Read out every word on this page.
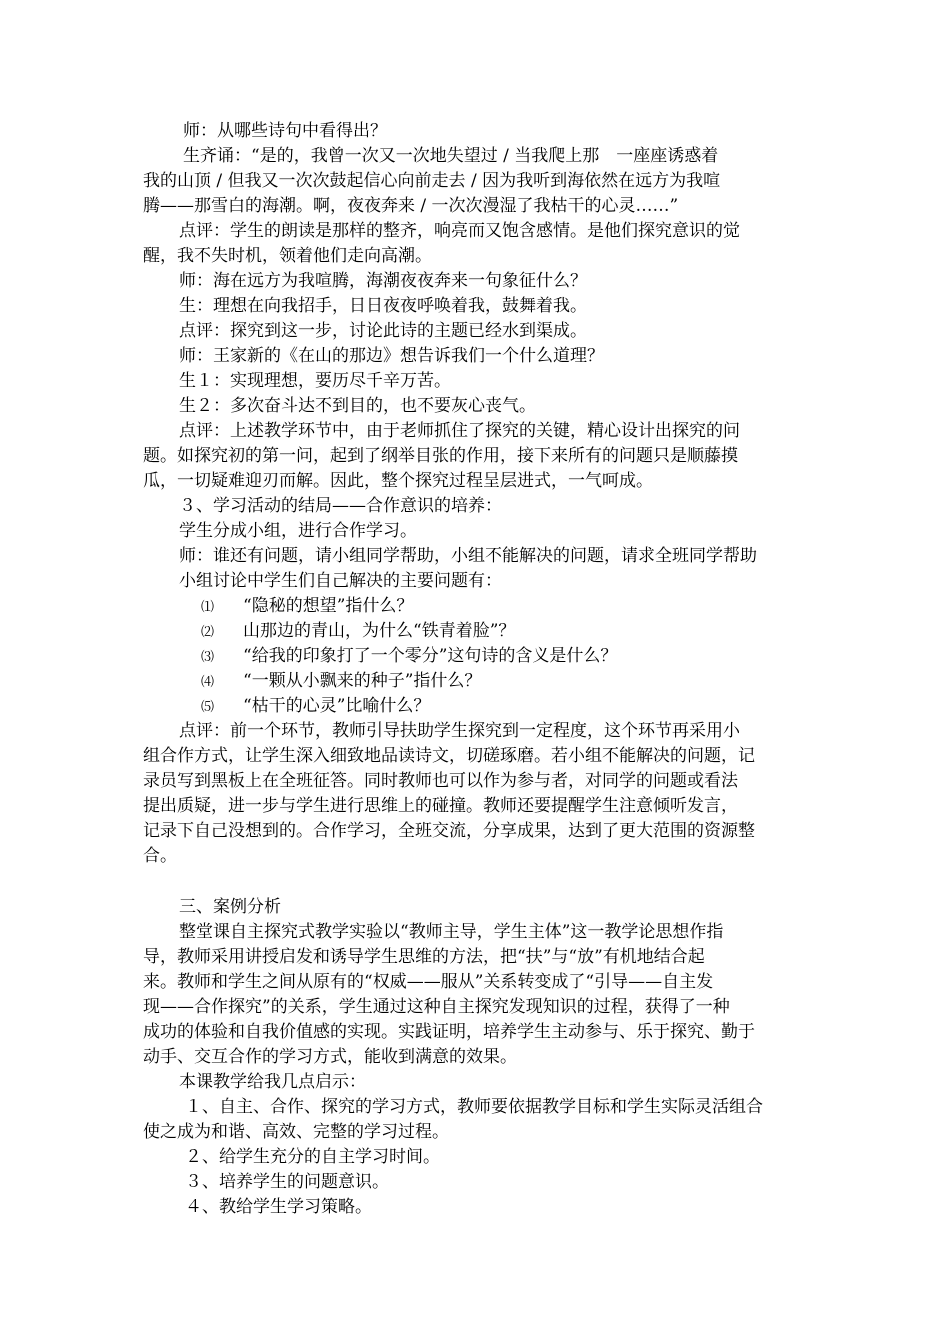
师：从哪些诗句中看得出？
生齐诵：“是的，我曾一次又一次地失望过 / 当我爬上那　一座座诱惑着
我的山顶 / 但我又一次次鼓起信心向前走去 / 因为我听到海依然在远方为我喧
腾——那雪白的海潮。啊，夜夜奔来 / 一次次漫湿了我枯干的心灵……”
点评：学生的朗读是那样的整齐，响亮而又饱含感情。是他们探究意识的觉
醒，我不失时机，领着他们走向高潮。
师：海在远方为我喧腾，海潮夜夜奔来一句象征什么？
生：理想在向我招手，日日夜夜呼唤着我，鼓舞着我。
点评：探究到这一步，讨论此诗的主题已经水到渠成。
师：王家新的《在山的那边》想告诉我们一个什么道理？
生１：实现理想，要历尽千辛万苦。
生２：多次奋斗达不到目的，也不要灰心丧气。
点评：上述教学环节中，由于老师抓住了探究的关键，精心设计出探究的问
题。如探究初的第一问，起到了纲举目张的作用，接下来所有的问题只是顺藤摸
瓜，一切疑难迎刃而解。因此，整个探究过程呈层进式，一气呵成。
３、学习活动的结局——合作意识的培养：
学生分成小组，进行合作学习。
师：谁还有问题，请小组同学帮助，小组不能解决的问题，请求全班同学帮助
小组讨论中学生们自己解决的主要问题有：
⑴ “隐秘的想望”指什么？
⑵ 山那边的青山，为什么“铁青着脸”？
⑶ “给我的印象打了一个零分”这句诗的含义是什么？
⑷ “一颗从小飘来的种子”指什么？
⑸ “枯干的心灵”比喻什么？
点评：前一个环节，教师引导扶助学生探究到一定程度，这个环节再采用小
组合作方式，让学生深入细致地品读诗文，切磋琢磨。若小组不能解决的问题，记
录员写到黑板上在全班征答。同时教师也可以作为参与者，对同学的问题或看法
提出质疑，进一步与学生进行思维上的碰撞。教师还要提醒学生注意倾听发言，
记录下自己没想到的。合作学习，全班交流，分享成果，达到了更大范围的资源整
合。
三、案例分析
整堂课自主探究式教学实验以“教师主导，学生主体”这一教学论思想作指
导，教师采用讲授启发和诱导学生思维的方法，把“扶”与“放”有机地结合起
来。教师和学生之间从原有的“权威——服从”关系转变成了“引导——自主发
现——合作探究”的关系，学生通过这种自主探究发现知识的过程，获得了一种
成功的体验和自我价值感的实现。实践证明，培养学生主动参与、乐于探究、勤于
动手、交互合作的学习方式，能收到满意的效果。
本课教学给我几点启示：
１、自主、合作、探究的学习方式，教师要依据教学目标和学生实际灵活组合
使之成为和谐、高效、完整的学习过程。
２、给学生充分的自主学习时间。
３、培养学生的问题意识。
４、教给学生学习策略。
